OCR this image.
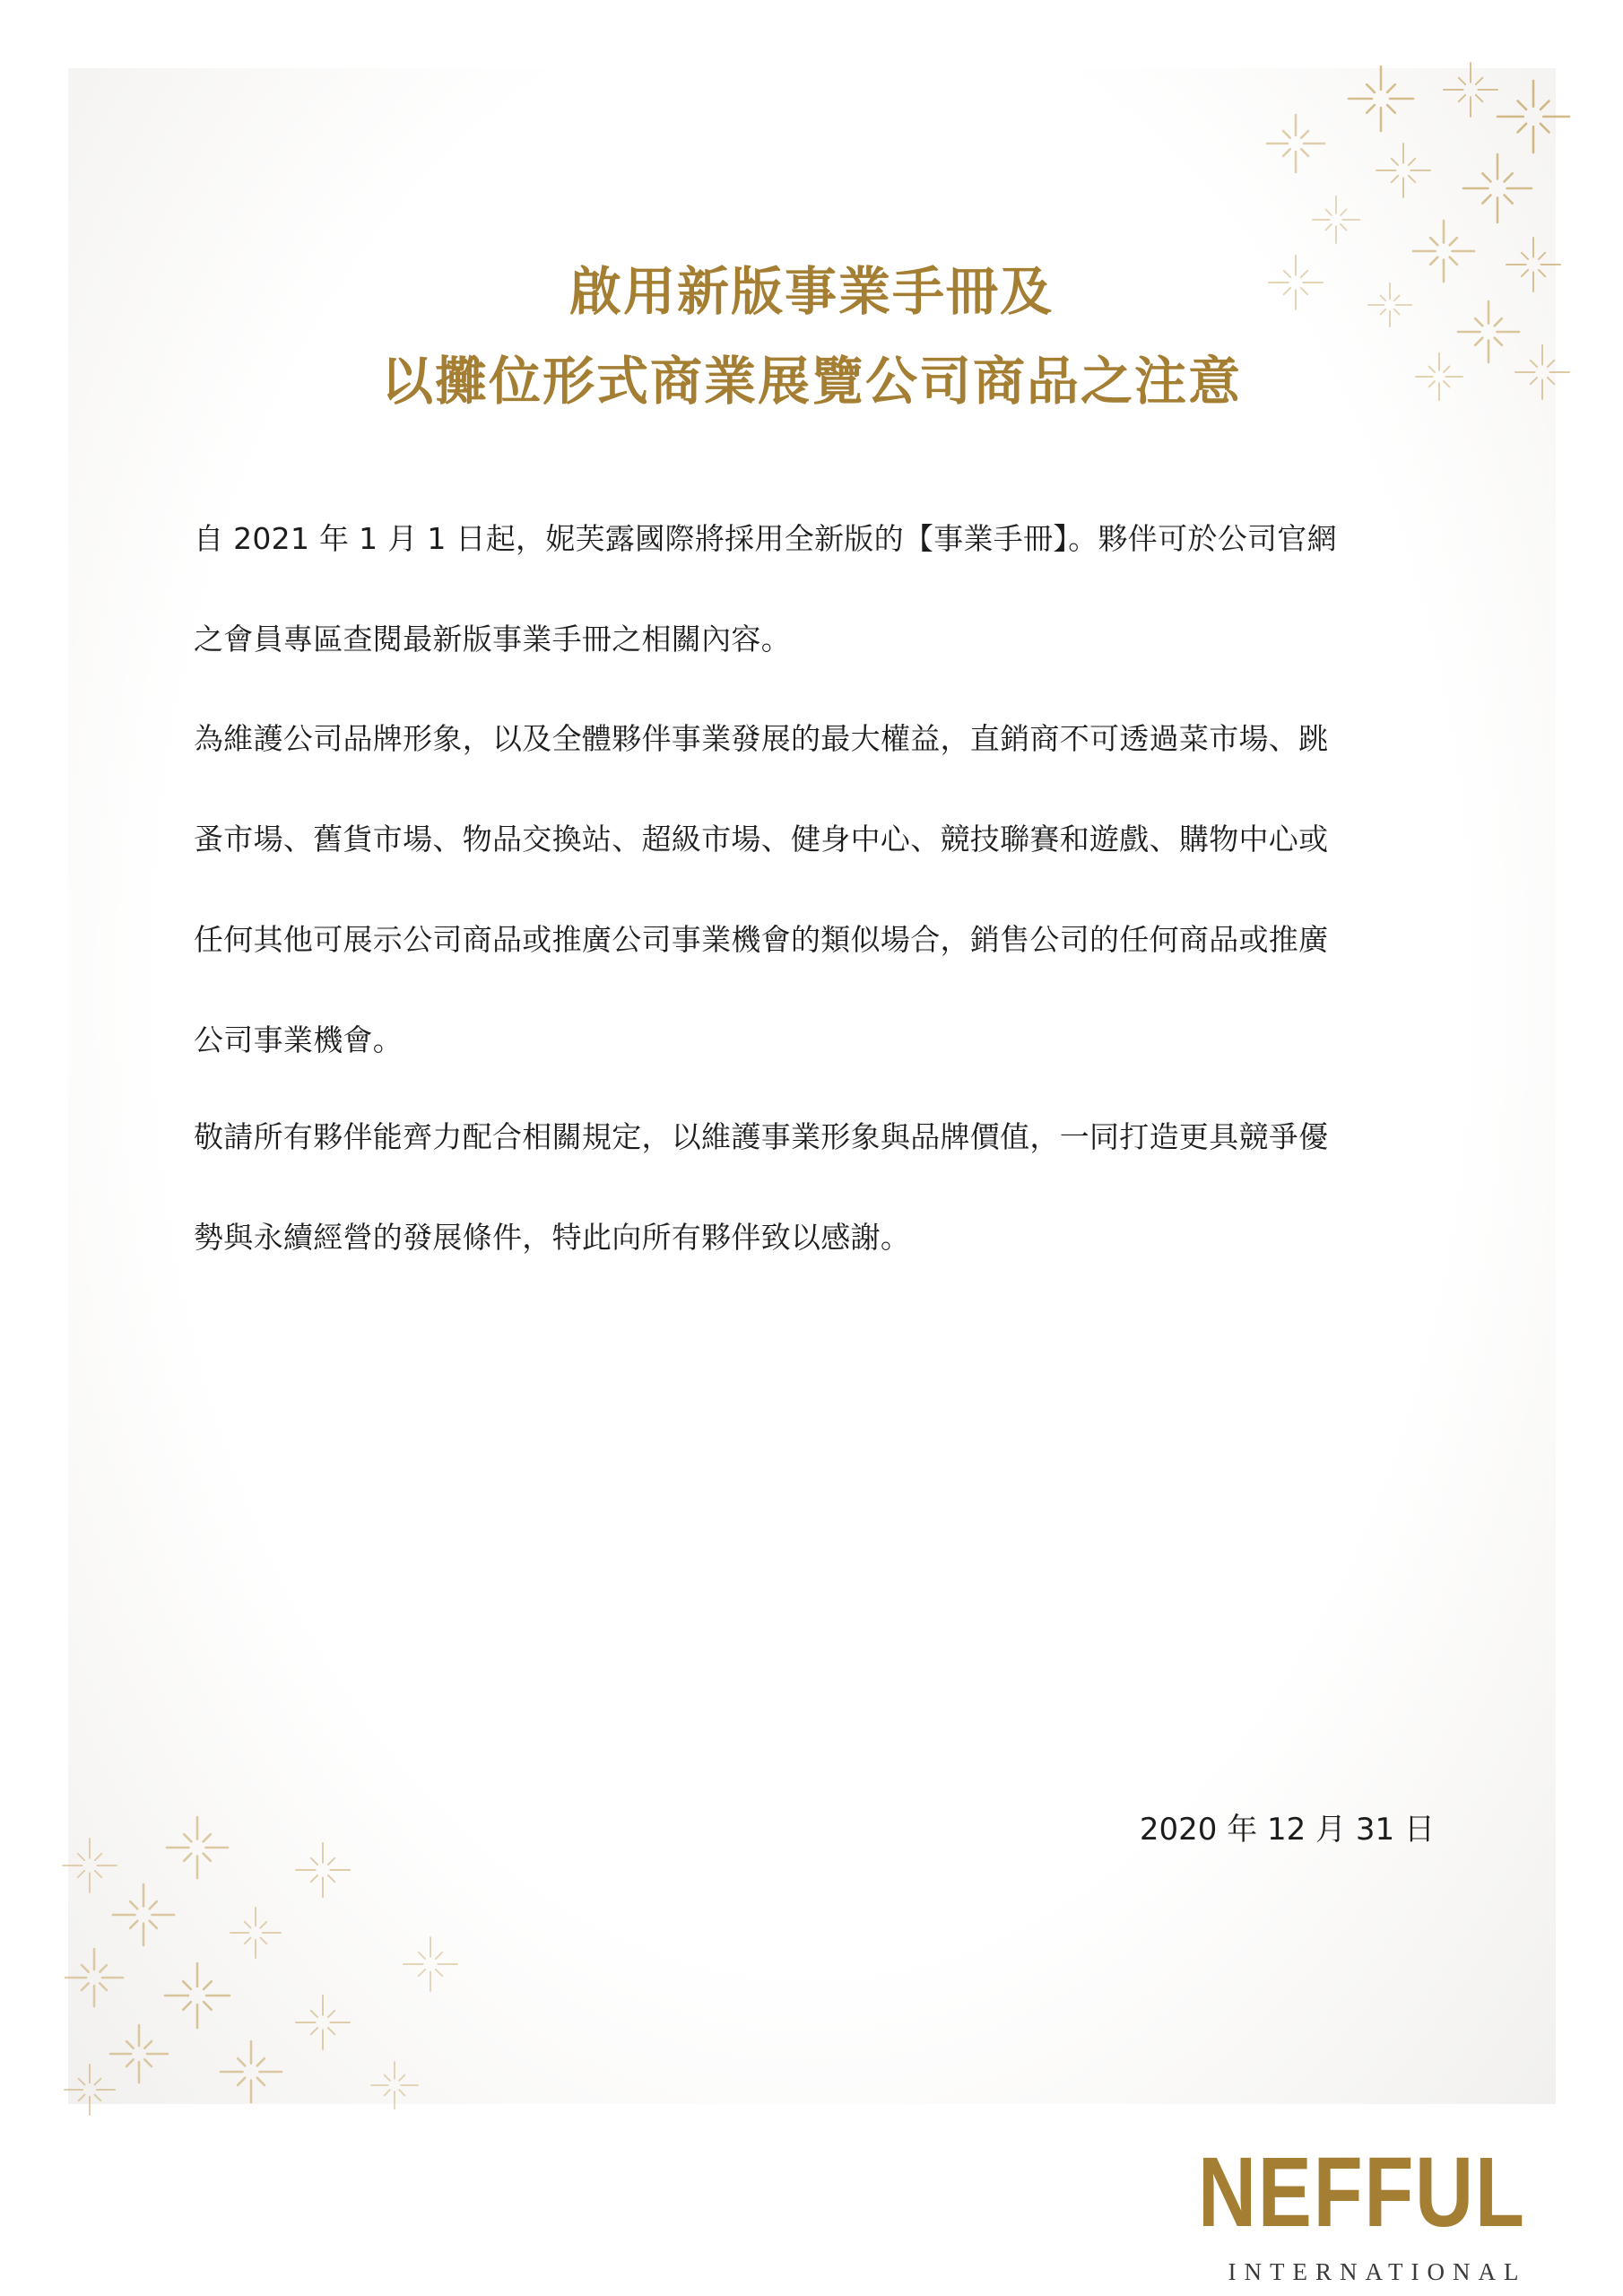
啟用新版事業手冊及
以攤位形式商業展覽公司商品之注意
自 2021 年 1 月 1 日起，妮芙露國際將採用全新版的【事業手冊】。夥伴可於公司官網
之會員專區查閱最新版事業手冊之相關內容。
為維護公司品牌形象，以及全體夥伴事業發展的最大權益，直銷商不可透過菜市場、跳
蚤市場、舊貨市場、物品交換站、超級市場、健身中心、競技聯賽和遊戲、購物中心或
任何其他可展示公司商品或推廣公司事業機會的類似場合，銷售公司的任何商品或推廣
公司事業機會。
敬請所有夥伴能齊力配合相關規定，以維護事業形象與品牌價值，一同打造更具競爭優
勢與永續經營的發展條件，特此向所有夥伴致以感謝。
2020 年 12 月 31 日
NEFFUL
INTERNATIONAL
